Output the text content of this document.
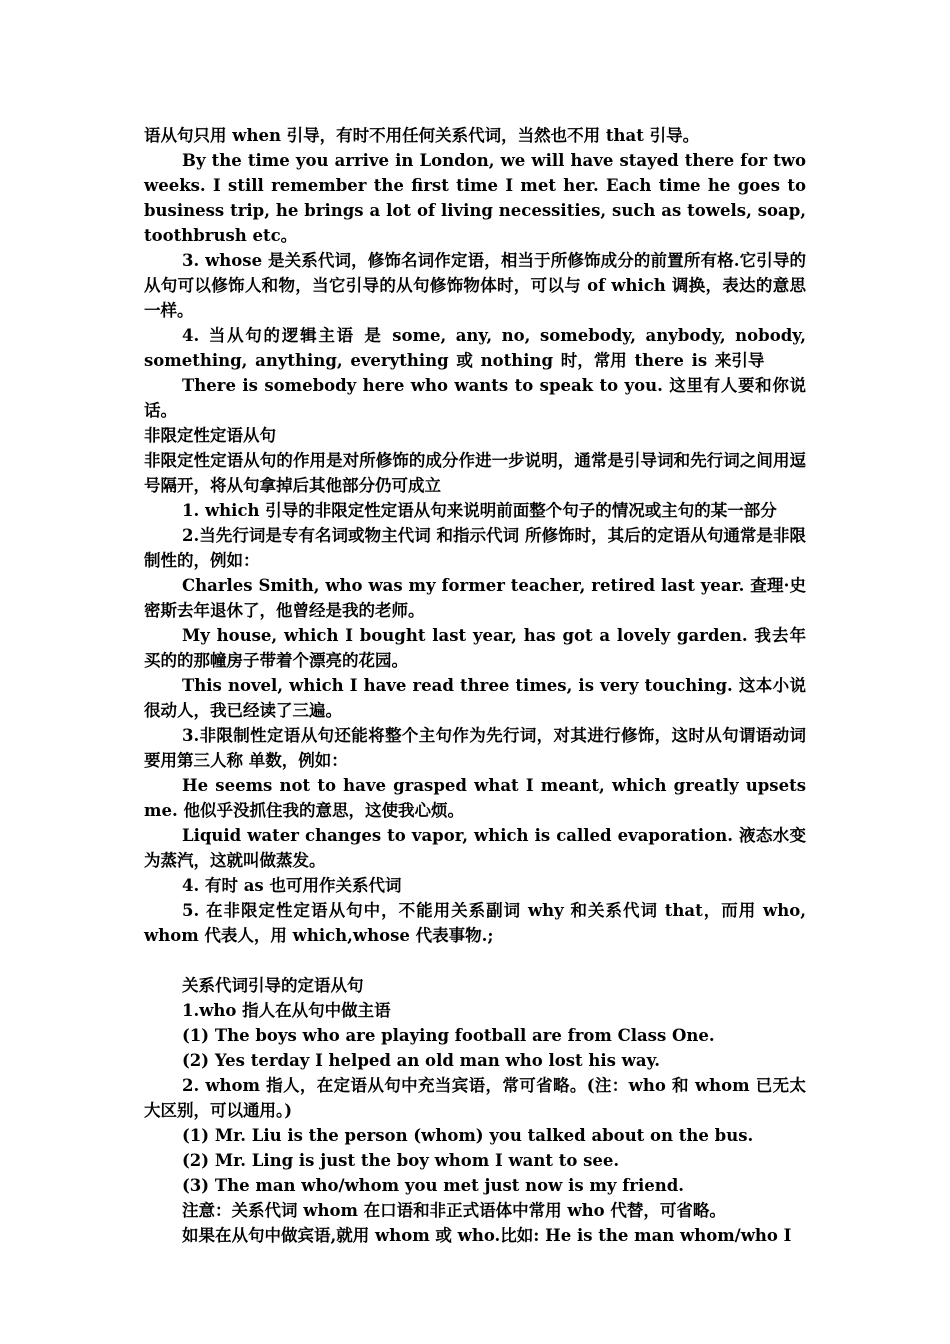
语从句只用 when 引导，有时不用任何关系代词，当然也不用 that 引导。

By the time you arrive in London, we will have stayed there for two weeks. I still remember the first time I met her. Each time he goes to business trip, he brings a lot of living necessities, such as towels, soap, toothbrush etc。

3. whose 是关系代词，修饰名词作定语，相当于所修饰成分的前置所有格.它引导的从句可以修饰人和物，当它引导的从句修饰物体时，可以与 of which 调换，表达的意思一样。

4. 当从句的逻辑主语 是 some, any, no, somebody, anybody, nobody, something, anything, everything 或 nothing 时，常用 there is 来引导

There is somebody here who wants to speak to you. 这里有人要和你说话。

非限定性定语从句

非限定性定语从句的作用是对所修饰的成分作进一步说明，通常是引导词和先行词之间用逗号隔开，将从句拿掉后其他部分仍可成立

1. which 引导的非限定性定语从句来说明前面整个句子的情况或主句的某一部分

2.当先行词是专有名词或物主代词 和指示代词 所修饰时，其后的定语从句通常是非限制性的，例如：

Charles Smith, who was my former teacher, retired last year. 查理·史密斯去年退休了，他曾经是我的老师。

My house, which I bought last year, has got a lovely garden. 我去年买的的那幢房子带着个漂亮的花园。

This novel, which I have read three times, is very touching. 这本小说很动人，我已经读了三遍。

3.非限制性定语从句还能将整个主句作为先行词，对其进行修饰，这时从句谓语动词 要用第三人称 单数，例如：

He seems not to have grasped what I meant, which greatly upsets me. 他似乎没抓住我的意思，这使我心烦。

Liquid water changes to vapor, which is called evaporation. 液态水变为蒸汽，这就叫做蒸发。

4. 有时 as 也可用作关系代词

5. 在非限定性定语从句中，不能用关系副词 why 和关系代词 that，而用 who, whom 代表人，用 which,whose 代表事物.;

关系代词引导的定语从句

1.who 指人在从句中做主语

(1) The boys who are playing football are from Class One.

(2) Yes terday I helped an old man who lost his way.

2. whom 指人，在定语从句中充当宾语，常可省略。(注：who 和 whom 已无太大区别，可以通用。)

(1) Mr. Liu is the person (whom) you talked about on the bus.

(2) Mr. Ling is just the boy whom I want to see.

(3) The man who/whom you met just now is my friend.

注意：关系代词 whom 在口语和非正式语体中常用 who 代替，可省略。

如果在从句中做宾语,就用 whom 或 who.比如: He is the man whom/who I
